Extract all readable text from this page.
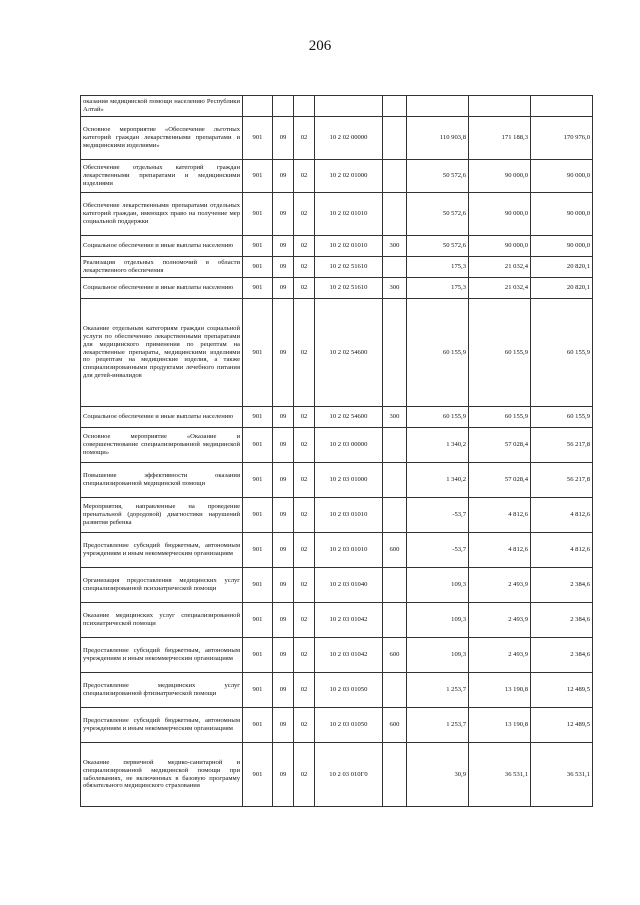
206
оказания медицинской помощи населению Республики Алтай»								
Основное мероприятие «Обеспечение льготных категорий граждан лекарственными препаратами и медицинскими изделиями»	901	09	02	10 2 02 00000		110 903,8	171 188,3	170 976,0
Обеспечение отдельных категорий граждан лекарственными препаратами и медицинскими изделиями	901	09	02	10 2 02 01000		50 572,6	90 000,0	90 000,0
Обеспечение лекарственными препаратами отдельных категорий граждан, имеющих право на получение мер социальной поддержки	901	09	02	10 2 02 01010		50 572,6	90 000,0	90 000,0
Социальное обеспечение и иные выплаты населению	901	09	02	10 2 02 01010	300	50 572,6	90 000,0	90 000,0
Реализация отдельных полномочий в области лекарственного обеспечения	901	09	02	10 2 02 51610		175,3	21 032,4	20 820,1
Социальное обеспечение и иные выплаты населению	901	09	02	10 2 02 51610	300	175,3	21 032,4	20 820,1
Оказание отдельным категориям граждан социальной услуги по обеспечению лекарственными препаратами для медицинского применения по рецептам на лекарственные препараты, медицинскими изделиями по рецептам на медицинские изделия, а также специализированными продуктами лечебного питания для детей-инвалидов	901	09	02	10 2 02 54600		60 155,9	60 155,9	60 155,9
Социальное обеспечение и иные выплаты населению	901	09	02	10 2 02 54600	300	60 155,9	60 155,9	60 155,9
Основное мероприятие «Оказание и совершенствование специализированной медицинской помощи»	901	09	02	10 2 03 00000		1 340,2	57 028,4	56 217,8
Повышение эффективности оказания специализированной медицинской помощи	901	09	02	10 2 03 01000		1 340,2	57 028,4	56 217,8
Мероприятия, направленные на проведение пренатальной (дородовой) диагностики нарушений развития ребенка	901	09	02	10 2 03 01010		-53,7	4 812,6	4 812,6
Предоставление субсидий бюджетным, автономным учреждениям и иным некоммерческим организациям	901	09	02	10 2 03 01010	600	-53,7	4 812,6	4 812,6
Организация предоставления медицинских услуг специализированной психиатрической помощи	901	09	02	10 2 03 01040		109,3	2 493,9	2 384,6
Оказание медицинских услуг специализированной психиатрической помощи	901	09	02	10 2 03 01042		109,3	2 493,9	2 384,6
Предоставление субсидий бюджетным, автономным учреждениям и иным некоммерческим организациям	901	09	02	10 2 03 01042	600	109,3	2 493,9	2 384,6
Предоставление медицинских услуг специализированной фтизиатрической помощи	901	09	02	10 2 03 01050		1 253,7	13 190,8	12 489,5
Предоставление субсидий бюджетным, автономным учреждениям и иным некоммерческим организациям	901	09	02	10 2 03 01050	600	1 253,7	13 190,8	12 489,5
Оказание первичной медико-санитарной и специализированной медицинской помощи при заболеваниях, не включенных в базовую программу обязательного медицинского страхования	901	09	02	10 2 03 010Г0		30,9	36 531,1	36 531,1
